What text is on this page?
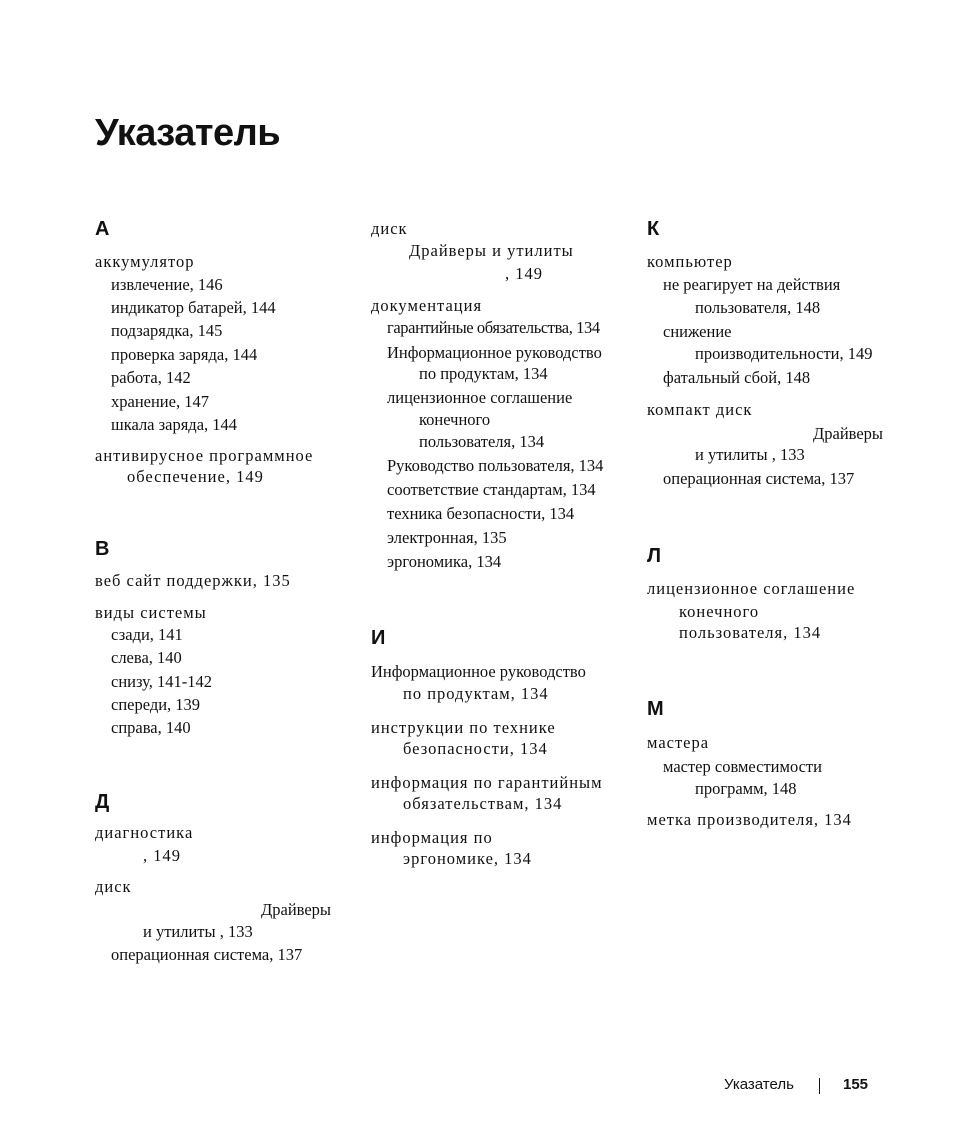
Указатель
А
аккумулятор
извлечение, 146
индикатор батарей, 144
подзарядка, 145
проверка заряда, 144
работа, 142
хранение, 147
шкала заряда, 144
антивирусное программное
обеспечение, 149
В
веб сайт поддержки, 135
виды системы
сзади, 141
слева, 140
снизу, 141-142
спереди, 139
справа, 140
Д
диагностика
, 149
диск
Драйверы
и утилиты , 133
операционная система, 137
диск
Драйверы и утилиты
, 149
документация
гарантийные обязательства, 134
Информационное руководство
по продуктам, 134
лицензионное соглашение
конечного
пользователя, 134
Руководство пользователя, 134
соответствие стандартам, 134
техника безопасности, 134
электронная, 135
эргономика, 134
И
Информационное руководство
по продуктам, 134
инструкции по технике
безопасности, 134
информация по гарантийным
обязательствам, 134
информация по
эргономике, 134
К
компьютер
не реагирует на действия
пользователя, 148
снижение
производительности, 149
фатальный сбой, 148
компакт диск
Драйверы
и утилиты , 133
операционная система, 137
Л
лицензионное соглашение
конечного
пользователя, 134
М
мастера
мастер совместимости
программ, 148
метка производителя, 134
Указатель	155
